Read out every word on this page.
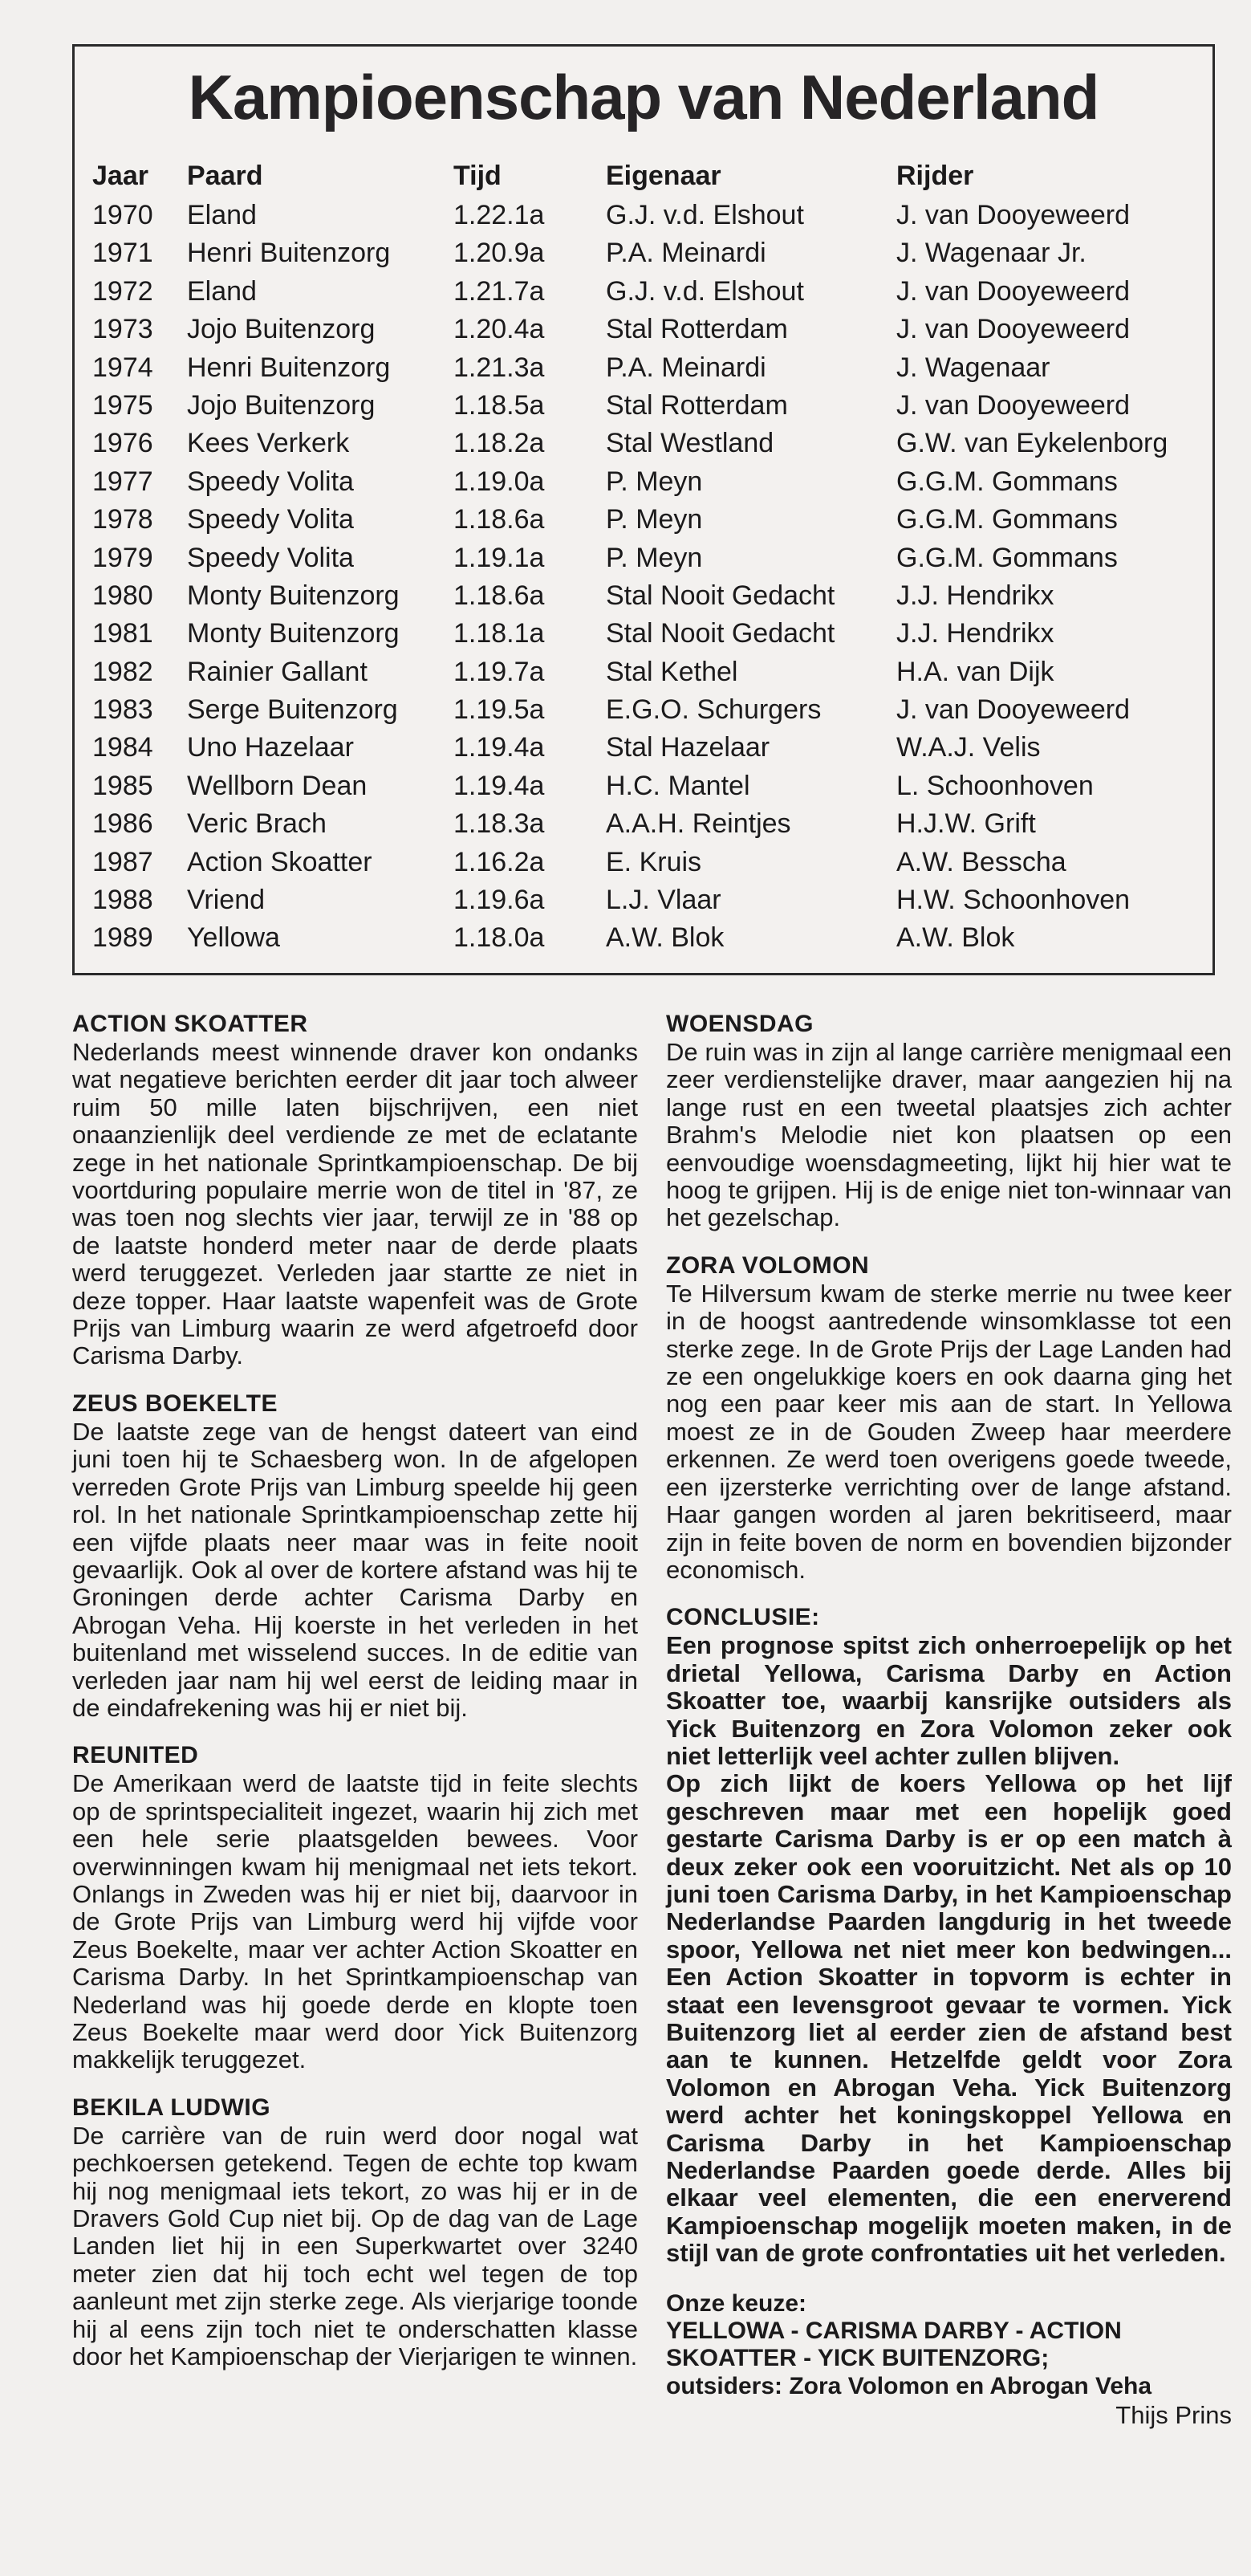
Kampioenschap van Nederland
Jaar
1970
1971
1972
1973
1974
1975
1976
1977
1978
1979
1980
1981
1982
1983
1984
1985
1986
1987
1988
1989
Paard
Eland
Henri Buitenzorg
Eland
Jojo Buitenzorg
Henri Buitenzorg
Jojo Buitenzorg
Kees Verkerk
Speedy Volita
Speedy Volita
Speedy Volita
Monty Buitenzorg
Monty Buitenzorg
Rainier Gallant
Serge Buitenzorg
Uno Hazelaar
Wellborn Dean
Veric Brach
Action Skoatter
Vriend
Yellowa
Tijd
1.22.1a
1.20.9a
1.21.7a
1.20.4a
1.21.3a
1.18.5a
1.18.2a
1.19.0a
1.18.6a
1.19.1a
1.18.6a
1.18.1a
1.19.7a
1.19.5a
1.19.4a
1.19.4a
1.18.3a
1.16.2a
1.19.6a
1.18.0a
Eigenaar
G.J. v.d. Elshout
P.A. Meinardi
G.J. v.d. Elshout
Stal Rotterdam
P.A. Meinardi
Stal Rotterdam
Stal Westland
P. Meyn
P. Meyn
P. Meyn
Stal Nooit Gedacht
Stal Nooit Gedacht
Stal Kethel
E.G.O. Schurgers
Stal Hazelaar
H.C. Mantel
A.A.H. Reintjes
E. Kruis
L.J. Vlaar
A.W. Blok
Rijder
J. van Dooyeweerd
J. Wagenaar Jr.
J. van Dooyeweerd
J. van Dooyeweerd
J. Wagenaar
J. van Dooyeweerd
G.W. van Eykelenborg
G.G.M. Gommans
G.G.M. Gommans
G.G.M. Gommans
J.J. Hendrikx
J.J. Hendrikx
H.A. van Dijk
J. van Dooyeweerd
W.A.J. Velis
L. Schoonhoven
H.J.W. Grift
A.W. Besscha
H.W. Schoonhoven
A.W. Blok
ACTION SKOATTER

Nederlands meest winnende draver kon ondanks wat negatieve berichten eerder dit jaar toch alweer ruim 50 mille laten bijschrijven, een niet onaanzienlijk deel verdiende ze met de eclatante zege in het nationale Sprintkampioenschap. De bij voortduring populaire merrie won de titel in '87, ze was toen nog slechts vier jaar, terwijl ze in '88 op de laatste honderd meter naar de derde plaats werd teruggezet. Verleden jaar startte ze niet in deze topper. Haar laatste wapenfeit was de Grote Prijs van Limburg waarin ze werd afgetroefd door Carisma Darby.

ZEUS BOEKELTE

De laatste zege van de hengst dateert van eind juni toen hij te Schaesberg won. In de afgelopen verreden Grote Prijs van Limburg speelde hij geen rol. In het nationale Sprintkampioenschap zette hij een vijfde plaats neer maar was in feite nooit gevaarlijk. Ook al over de kortere afstand was hij te Groningen derde achter Carisma Darby en Abrogan Veha. Hij koerste in het verleden in het buitenland met wisselend succes. In de editie van verleden jaar nam hij wel eerst de leiding maar in de eindafrekening was hij er niet bij.

REUNITED

De Amerikaan werd de laatste tijd in feite slechts op de sprintspecialiteit ingezet, waarin hij zich met een hele serie plaatsgelden bewees. Voor overwinningen kwam hij menigmaal net iets tekort. Onlangs in Zweden was hij er niet bij, daarvoor in de Grote Prijs van Limburg werd hij vijfde voor Zeus Boekelte, maar ver achter Action Skoatter en Carisma Darby. In het Sprintkampioenschap van Nederland was hij goede derde en klopte toen Zeus Boekelte maar werd door Yick Buitenzorg makkelijk teruggezet.

BEKILA LUDWIG

De carrière van de ruin werd door nogal wat pechkoersen getekend. Tegen de echte top kwam hij nog menigmaal iets tekort, zo was hij er in de Dravers Gold Cup niet bij. Op de dag van de Lage Landen liet hij in een Superkwartet over 3240 meter zien dat hij toch echt wel tegen de top aanleunt met zijn sterke zege. Als vierjarige toonde hij al eens zijn toch niet te onderschatten klasse door het Kampioenschap der Vierjarigen te winnen.

WOENSDAG

De ruin was in zijn al lange carrière menigmaal een zeer verdienstelijke draver, maar aangezien hij na lange rust en een tweetal plaatsjes zich achter Brahm's Melodie niet kon plaatsen op een eenvoudige woensdagmeeting, lijkt hij hier wat te hoog te grijpen. Hij is de enige niet ton-winnaar van het gezelschap.

ZORA VOLOMON

Te Hilversum kwam de sterke merrie nu twee keer in de hoogst aantredende winsomklasse tot een sterke zege. In de Grote Prijs der Lage Landen had ze een ongelukkige koers en ook daarna ging het nog een paar keer mis aan de start. In Yellowa moest ze in de Gouden Zweep haar meerdere erkennen. Ze werd toen overigens goede tweede, een ijzersterke verrichting over de lange afstand. Haar gangen worden al jaren bekritiseerd, maar zijn in feite boven de norm en bovendien bijzonder economisch.

CONCLUSIE:

Een prognose spitst zich onherroepelijk op het drietal Yellowa, Carisma Darby en Action Skoatter toe, waarbij kansrijke outsiders als Yick Buitenzorg en Zora Volomon zeker ook niet letterlijk veel achter zullen blijven.

Op zich lijkt de koers Yellowa op het lijf geschreven maar met een hopelijk goed gestarte Carisma Darby is er op een match à deux zeker ook een vooruitzicht. Net als op 10 juni toen Carisma Darby, in het Kampioenschap Nederlandse Paarden langdurig in het tweede spoor, Yellowa net niet meer kon bedwingen... Een Action Skoatter in topvorm is echter in staat een levensgroot gevaar te vormen. Yick Buitenzorg liet al eerder zien de afstand best aan te kunnen. Hetzelfde geldt voor Zora Volomon en Abrogan Veha. Yick Buitenzorg werd achter het koningskoppel Yellowa en Carisma Darby in het Kampioenschap Nederlandse Paarden goede derde. Alles bij elkaar veel elementen, die een enerverend Kampioenschap mogelijk moeten maken, in de stijl van de grote confrontaties uit het verleden.

Onze keuze:
YELLOWA - CARISMA DARBY - ACTION
SKOATTER - YICK BUITENZORG;
outsiders: Zora Volomon en Abrogan Veha
Thijs Prins
